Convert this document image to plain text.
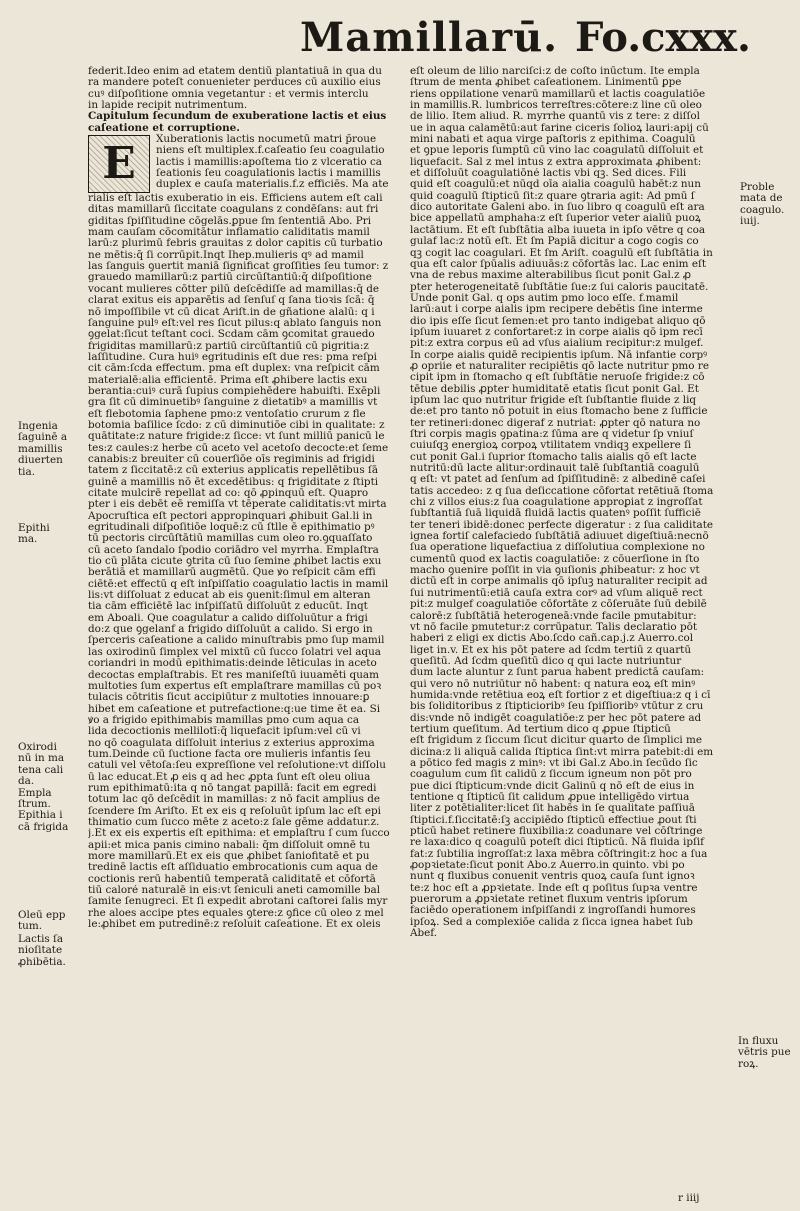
Mamillarū. Fo.cxxx.
federit.Ideo enim ad etatem dentiū plantatiuā in qua du
ra mandere poteſt conuenieter perduces cū auxilio eius
cuꝰ diſpoſitione omnia vegetantur : et vermis interclu
in lapide recipit nutrimentum.
Capitulum ſecundum de exuberatione lactis et eius
caſeatione et corruptione.
E	Xuberationis lactis nocumetū matri p̄roue
niens eſt multiplex.f.caſeatio ſeu coagulatio
lactis i mamillis:apoſtema tio z vlceratio ca
ſeationis ſeu coagulationis lactis i mamillis
duplex e cauſa materialis.f.z efficiēs. Ma ate
rialis eſt lactis exuberatio in eis. Efficiens autem eſt cali
ditas mamillarū ſiccitate coagulans z condēſans: aut fri
giditas ſpiſſitudine cōgelās.ꝑpue ſm ſententiā Abo. Pri
mam cauſam cōcomitātur inflamatio caliditatis mamil
larū:z plurimū febris grauitas z dolor capitis cū turbatio
ne mētis:q̄ ſi corrūpit.Inqt Ihep.mulieris qꝰ ad mamil
las ſanguis ꝯuertit maniā ſignificat groſſities ſeu tumor: z
grauedo mamillarū:z partiū circūſtantiū:q̄ diſpoſitione
vocant mulieres cōtter pilū deſcēdiſſe ad mamillas:q̄ de
clarat exitus eis apparētis ad ſenſuſ q ſana tioꝛis ſcā: q̄
nō impoſſibile vt cū dicat Ariſt.in de gñatione alalū: q i
ſanguine pulꝰ eſt:vel res ſicut pilus:q ablato ſanguis non
ꝯgelat:ſicut teſtant coci. Scdam cām ꝯcomitat grauedo
frigiditas mamillarū:z partiū circūſtantiū cū pigritia:z
laſſitudine. Cura huiꝰ egritudinis eſt due res: pma reſpi
cit cām:ſcda effectum. pma eſt duplex: vna reſpicit cām
materialē:alia efficientē. Prima eſt ꝓhibere lactis exu
berantia:cuiꝰ curā ſupius compiehēdere habuiſti. Exēpli
gra ſit cū diminuetibꝰ ſanguine z dietatibꝰ a mamillis vt
eſt flebotomia ſaphene pmo:z ventoſatio crurum z fle
botomia baſilice ſcdo: z cū diminutiōe cibi in qualitate: z
quātitate:z nature frigide:z ſicce: vt ſunt milliū panicū le
tes:z caules:z herbe cū aceto vel acetoſo decocte:et ſeme
canabis:z breuiter cū couerſiōe oīs regiminis ad frigidi
tatem z ſiccitatē:z cū exterius applicatis repellētibus ſā
guinē a mamillis nō ēt excedētibus: q frigiditate z ſtipti
citate mulcirē repellat ad co: qō ꝓpinquū eſt. Quapro
pter i eis debēt eē remiſſa vt tēperate caliditatis:vt mirta
Apocruſtica eſt pectori appropinquari ꝓhibuit Gal.li in
egritudinali diſpoſitiōe loquē:z cū ſtlle ē epithimatio pꝰ
tū pectoris circūſtātiū mamillas cum oleo ro.ꝯquaſſato
cū aceto ſandalo ſpodio coriādro vel myrrha. Emplaſtra
tio cū plāta cicute ꝯtrita cū ſuo ſemine ꝓhibet lactis exu
berātiā et mamillarū augmētū. Que ꝟo reſpicit cām effi
ciētē:et effectū q eſt inſpiſſatio coagulatio lactis in mamil
lis:vt diſſoluat z educat ab eis ꝯuenit:ſimul em alteran
tia cām efficiētē lac inſpiſſatū diſſoluūt z educūt. Inqt
em Aboali. Que coagulatur a calido diſſoluūtur a frigi
do:z que ꝯgelanf a frigido diſſoluūt a calido. Si ergo in
ſperceris caſeatione a calido minuſtrabis pmo ſup mamil
las oxirodinū ſimplex vel mixtū cū ſucco ſolatri vel aqua
coriandri in modū epithimatis:deinde lēticulas in aceto
decoctas emplaſtrabis. Et res maniſeſtū iuuaměti quam
multoties ſum expertus eſt emplaſtrare mamillas cū poꝛ
tulacis cōtritis ſicut accipiūtur z multoties innouare:ꝑ
hibet em caſeatione et putrefactione:q:ue time ēt ea. Si
ꝟo a frigido epithimabis mamillas pmo cum aqua ca
lida decoctionis mellilotī:q̄ liquefacit ipſum:vel cū vi
no qō coagulata diſſoluit interius z exterius approxima
tum.Deinde cū ſuctione facta ore mulieris infantis ſeu
catuli vel vētoſa:ſeu expreſſione vel reſolutione:vt diſſolu
ū lac educat.Et ꝓ eis q ad hec ꝓpta ſunt eſt oleu oliua
rum epithimatū:ita q nō tangat papillā: facit em egredi
totum lac qō deſcēdit in mamillas: z nō facit amplius de
ſcendere ſm Ariſto. Et ex eis q reſoluūt ipſum lac eſt epi
thimatio cum ſucco mēte z aceto:z ſale gēme addatur.z.
j.Et ex eis expertis eſt epithima: et emplaſtru ſ cum ſucco
apii:et mica panis cimino nabali: q̄m diſſoluit omnē tu
more mamillarū.Et ex eis que ꝓhibet ſaniofitatē et pu
tredinē lactis eſt aſſiduatio embrocationis cum aqua de
coctionis rerū habentiū temperatā caliditatē et cōfortā
tiū caloré naturalē in eis:vt ſeniculi aneti camomille bal
ſamite ſenugreci. Et ſi expedit abrotani caſtorei ſalis myr
rhe aloes accipe ptes equales ꝯtere:z ꝯfice cū oleo z mel
le:ꝓhibet em putredinē:z reſoluit caſeatione. Et ex oleis
eſt oleum de lilio narciſci:z de coſto inūctum. Ite empla
ſtrum de menta ꝓhibet caſeationem. Linimentū ꝑpe
riens oppilatione venarū mamillarū et lactis coagulatiōe
in mamillis.R. lumbricos terreſtres:cōtere:z line cū oleo
de lilio. Item aliud. R. myrrhe quantū vis z tere: z diſſol
ue in aqua calamētū:aut farine ciceris ſolioꝝ lauri:apij cū
mini nabati et aqua virge paſtoris z epithima. Coagulū
et ꝯpue leporis ſumptū cū vino lac coagulatū diſſoluit et
liquefacit. Sal z mel intus z extra approximata ꝓhibent:
et diſſoluūt coagulatiōné lactis vbi qꝫ. Sed dices. Fili
quid eſt coagulū:et nūqd oīa aialia coagulū habēt:z nun
quid coagulū ſtipticū ſit:z quare ꝯtraria agit: Ad pmū ſ
dico autoritate Galeni abo. in ſuo libro q coagulū eſt ara
bice appellatū amphaha:z eſt ſuperior veter aialiū puoꝝ
lactātium. Et eſt ſubſtātia alba iuueta in ipſo vētre q coa
gulaf lac:z notū eſt. Et ſm Papiā dicitur a cogo cogis co
qꝫ cogit lac coagulari. Et ſm Ariſt. coagulū eſt ſubſtātia in
qua eſt calor ſpūalis adiuuās:z cōfortās lac. Lac enim eſt
vna de rebus maxime alterabilibus ſicut ponit Gal.z ꝓ
pter heterogeneitatē ſubſtātie ſue:z ſui caloris paucitatē.
Unde ponit Gal. q ops autim pmo loco eſſe. f.mamil
larū:aut i corpe aialis ipm recipere debētis ſine interme
dio ipis eſſe ſicut ſemen:et pro tanto indigebat aliquo qō
ipſum iuuaret z confortaret:z in corpe aialis qō ipm recī
pit:z extra corpus eū ad vſus aialium recipitur:z mulgef.
In corpe aialis quidē recipientis ipſum. Nā infantie corpꝰ
ꝓ opriie et naturaliter recipiētis qō lacte nutritur pmo re
cipit ipm in ſtomacho q eſt ſubſtātie neruoſe frigide:z cō
tētue debilis ꝓpter humiditatē etatis ſicut ponit Gal. Et
ipſum lac quo nutritur frigide eſt ſubſtantie fluide z liq
de:et pro tanto nō potuit in eius ſtomacho bene z ſufficie
ter retineri:donec digeraf z nutriat: ꝓpter qō natura no
ſtri corpis magis ꝯpatina:z ſūma are q videtur ſp vniuſ
cuiuſqꝫ energioꝝ corpoꝝ vtilitatem vndiqꝫ expellere ſi
cut ponit Gal.i ſuprior ſtomacho talis aialis qō eſt lacte
nutritū:dū lacte alitur:ordinauit talē ſubſtantiā coagulū
q eſt: vt patet ad ſenſum ad ſpiſſitudinē: z albedinē caſei
tatis accedeo: z q ſua deſiccatione cōfortat retētiuā ſtoma
chi z villos eius:z ſua coagulatione approꝑiat z ingroſſat
ſubſtantiā ſuā liquidā fluidā lactis quatenꝰ poſſit ſufficiē
ter teneri ibidē:donec perfecte digeratur : z ſua caliditate
ignea fortiſ calefaciedo ſubſtātiā adiuuet digeſtiuā:necnō
ſua operatione liquefactiua z diſſolutiua complexione no
cumentū quod ex lactis coagulatiōe: z cōuerſione in ſto
macho ꝯuenire poſſit in via ꝯuſionis ꝓhibeatur: z hoc vt
dictū eſt in corpe animalis qō ipſuꝫ naturaliter recipit ad
ſui nutrimentū:etiā cauſa extra corꝰ ad vſum aliquē rect
pit:z mulgef coagulatiōe cōfortāte z cōſeruāte ſuū debilē
calorē:z ſubſtātiā heterogeneā:vnde facile pmutabitur:
vt nō facile pmutetur:z corrūpatur. Talis declaratio pōt
haberi z eligi ex dictis Abo.ſcdo cañ.cap.j.z Auerro.col
liget in.v. Et ex his pōt patere ad ſcdm tertiū z quartū
queſitū. Ad ſcdm queſitū dico q qui lacte nutriuntur
dum lacte aluntur z ſunt parua habent predictā cauſam:
qui vero nō nutriūtur nō habent: q natura eoꝝ eſt minꝰ
humida:vnde retētiua eoꝝ eſt fortior z et digeſtiua:z q i cī
bis ſoliditoribus z ſtipticioribꝰ ſeu ſpiſſioribꝰ vtūtur z cru
dis:vnde nō indigēt coagulatiōe:z per hec pōt patere ad
tertium queſitum. Ad tertium dico q ꝓpue ſtipticū
eſt frigidum z ſiccum ſicut dicitur quarto de ſimplici me
dicina:z li aliquā calida ſtiptica ſint:vt mirra patebit:di em
a pōtico fed magis z minꝰ: vt ibi Gal.z Abo.in ſecūdo ſic
coagulum cum ſit calidū z ſiccum igneum non pōt pro
pue dici ſtipticum:vnde dicit Galinū q nō eſt de eius in
tentione q ſtipticū ſit calidum ꝓpue intelligēdo virtua
liter z potētialiter:licet ſit habēs in ſe qualitate paſſiuā
ſtiptici.f.ſiccitatē:ſꝫ accipiēdo ſtipticū effectiue ꝓout ſti
pticū habet retinere fluxibilia:z coadunare vel cōſtringe
re laxa:dico q coagulū poteſt dici ſtipticū. Nā fluida ipſif
fat:z ſubtilia ingroſſat:z laxa mēbra cōſtringit:z hoc a ſua
ꝓopꝛietate:ſicut ponit Abo.z Auerro.in quinto. vbi po
nunt q fluxibus conuenit ventris quoꝝ cauſa ſunt ignoꝛ
te:z hoc eſt a ꝓpꝛietate. Inde eſt q poſitus ſupꝛa ventre
puerorum a ꝓpꝛietate retinet fluxum ventris ipſorum
faciēdo operationem inſpiſſandi z ingroſſandi humores
ipſoꝝ. Sed a complexiōe calida z ſicca ignea habet ſub
Abef.
Ingenia
ſaguinē a
mamillis
diuerten
tia.
Epithi
ma.
Oxirodi
nū in ma
tena cali
da.
Empla
ſtrum.
Epithia i
cā frigida
Oleū epp
tum.
Lactis ſa
nioſitate
ꝓhibētia.
Proble
mata de
coagulo.
iuij.
In fluxu
vētris pue
roꝝ.
r iiij
